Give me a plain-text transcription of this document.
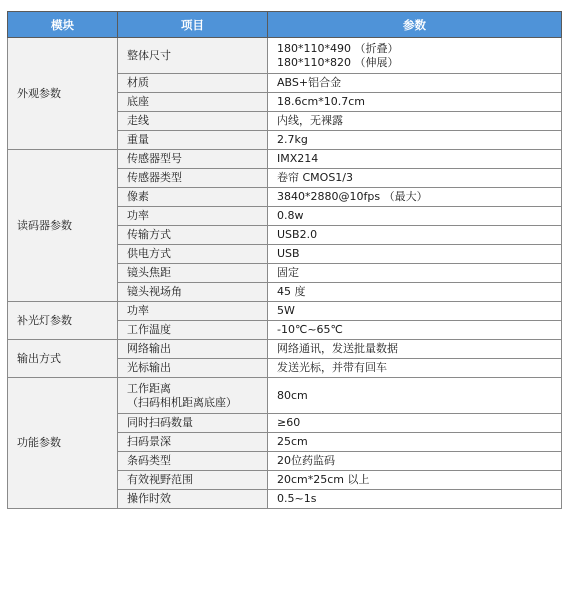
模块	项目	参数
外观参数	整体尺寸	180*110*490 （折叠）
180*110*820 （伸展）

	材质	ABS+铝合金

	底座	18.6cm*10.7cm

	走线	内线，无裸露

	重量	2.7kg

读码器参数	传感器型号	IMX214

	传感器类型	卷帘 CMOS1/3

	像素	3840*2880@10fps （最大）

	功率	0.8w

	传输方式	USB2.0

	供电方式	USB

	镜头焦距	固定

	镜头视场角	45 度

补光灯参数	功率	5W

	工作温度	-10℃~65℃

输出方式	网络输出	网络通讯，发送批量数据

	光标输出	发送光标，并带有回车

功能参数	工作距离
（扫码相机距离底座）	80cm

	同时扫码数量	≥60

	扫码景深	25cm

	条码类型	20位药监码

	有效视野范围	20cm*25cm 以上

	操作时效	0.5~1s
